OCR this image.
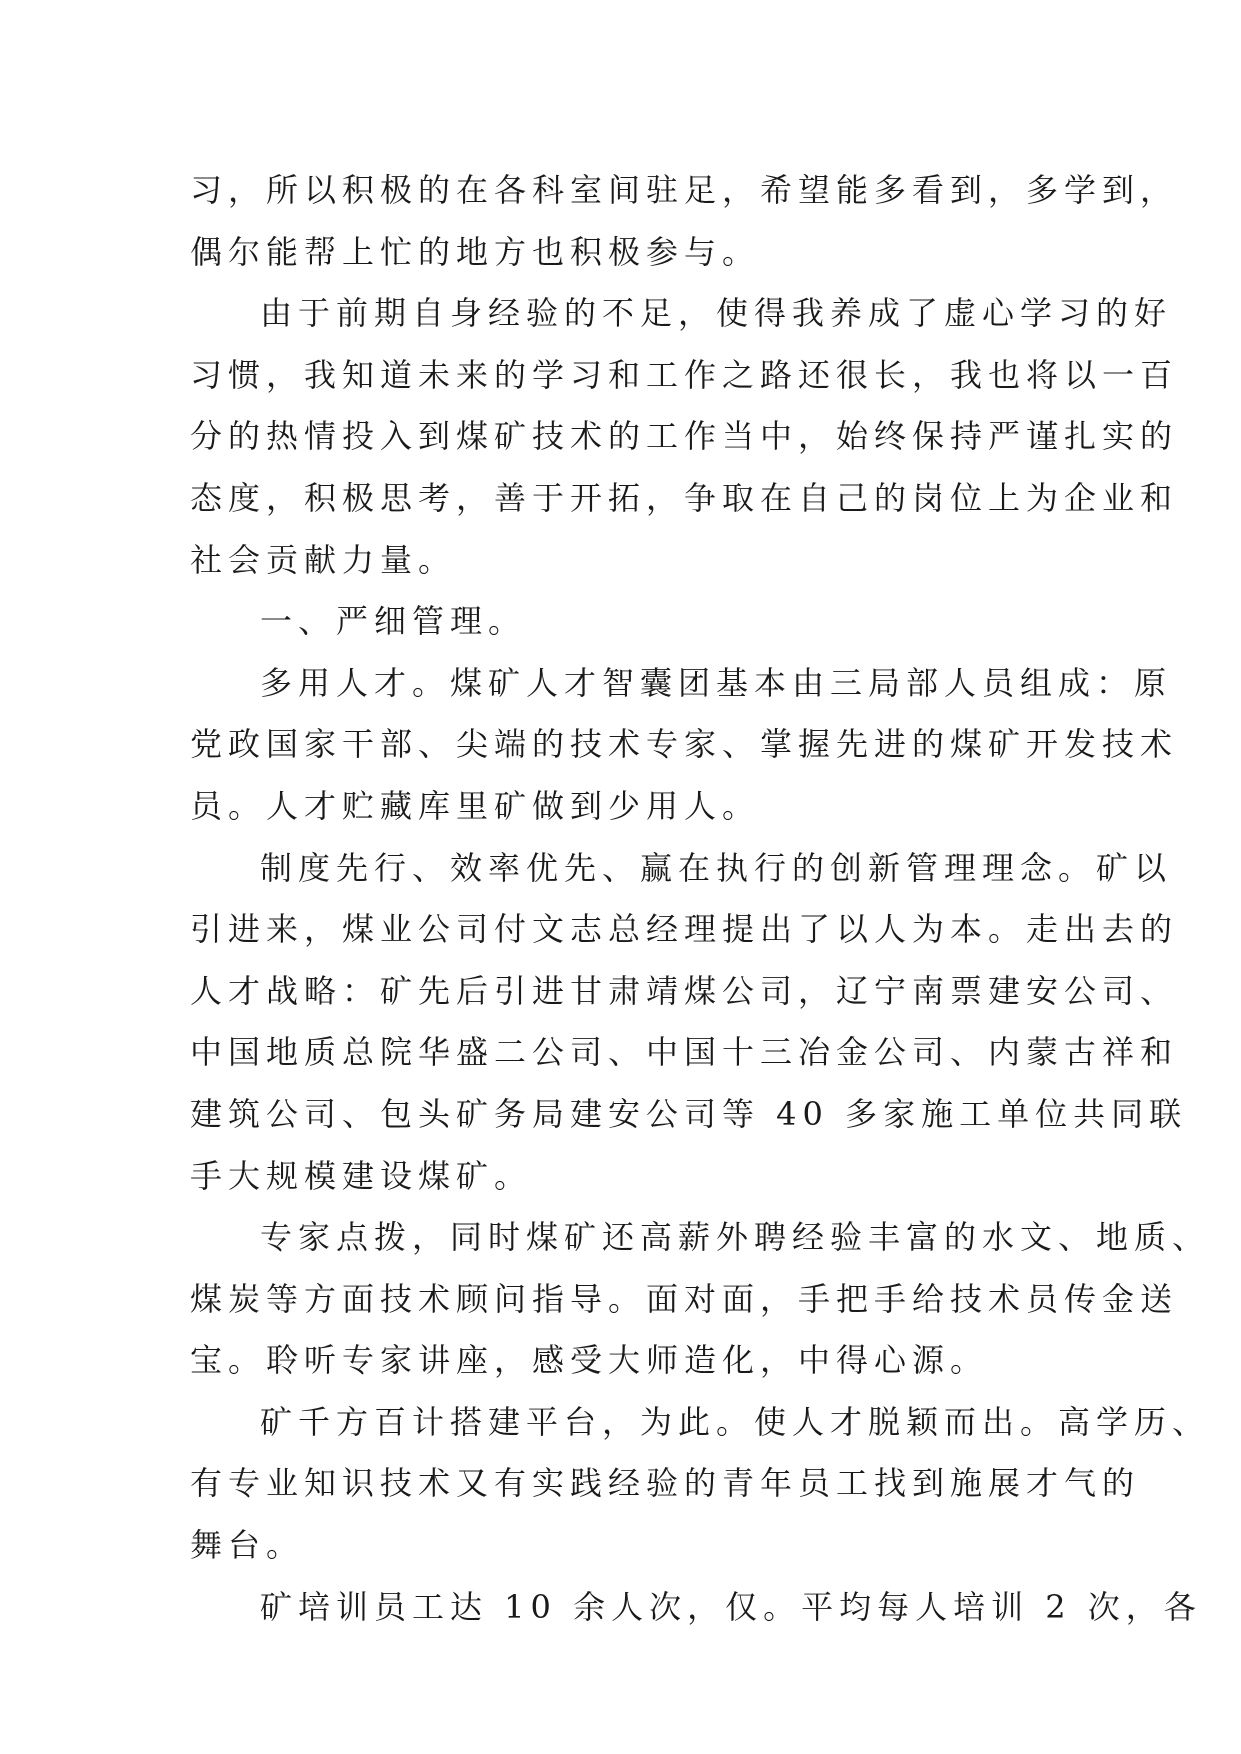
习，所以积极的在各科室间驻足，希望能多看到，多学到，
偶尔能帮上忙的地方也积极参与。
由于前期自身经验的不足，使得我养成了虚心学习的好
习惯，我知道未来的学习和工作之路还很长，我也将以一百
分的热情投入到煤矿技术的工作当中，始终保持严谨扎实的
态度，积极思考，善于开拓，争取在自己的岗位上为企业和
社会贡献力量。
一、严细管理。
多用人才。煤矿人才智囊团基本由三局部人员组成：原
党政国家干部、尖端的技术专家、掌握先进的煤矿开发技术
员。人才贮藏库里矿做到少用人。
制度先行、效率优先、赢在执行的创新管理理念。矿以
引进来，煤业公司付文志总经理提出了以人为本。走出去的
人才战略：矿先后引进甘肃靖煤公司，辽宁南票建安公司、
中国地质总院华盛二公司、中国十三冶金公司、内蒙古祥和
建筑公司、包头矿务局建安公司等 40 多家施工单位共同联
手大规模建设煤矿。
专家点拨，同时煤矿还高薪外聘经验丰富的水文、地质、
煤炭等方面技术顾问指导。面对面，手把手给技术员传金送
宝。聆听专家讲座，感受大师造化，中得心源。
矿千方百计搭建平台，为此。使人才脱颖而出。高学历、
有专业知识技术又有实践经验的青年员工找到施展才气的
舞台。
矿培训员工达 10 余人次，仅。平均每人培训 2 次，各
